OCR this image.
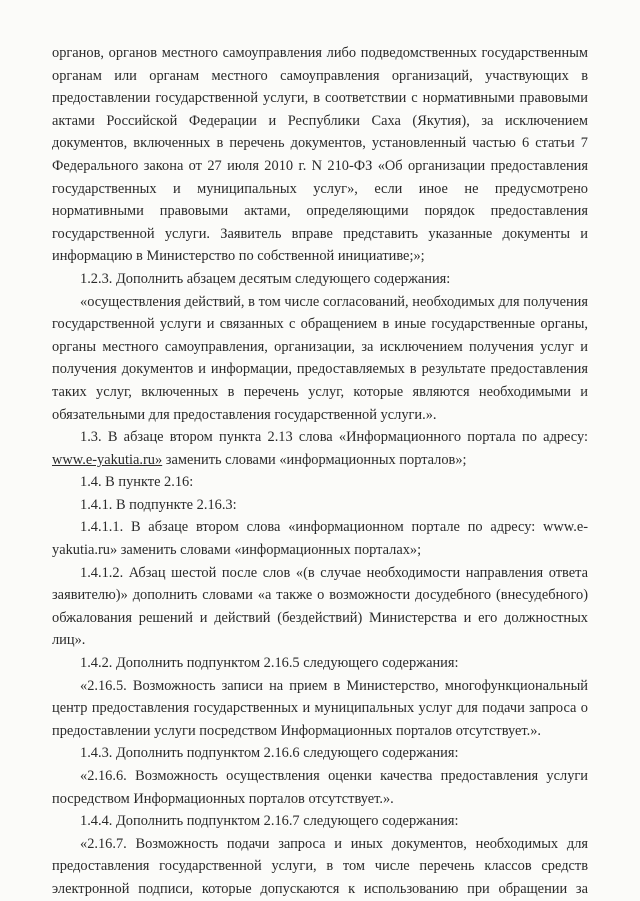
органов, органов местного самоуправления либо подведомственных государственным органам или органам местного самоуправления организаций, участвующих в предоставлении государственной услуги, в соответствии с нормативными правовыми актами Российской Федерации и Республики Саха (Якутия), за исключением документов, включенных в перечень документов, установленный частью 6 статьи 7 Федерального закона от 27 июля 2010 г. N 210-ФЗ «Об организации предоставления государственных и муниципальных услуг», если иное не предусмотрено нормативными правовыми актами, определяющими порядок предоставления государственной услуги. Заявитель вправе представить указанные документы и информацию в Министерство по собственной инициативе;»;

1.2.3. Дополнить абзацем десятым следующего содержания:

«осуществления действий, в том числе согласований, необходимых для получения государственной услуги и связанных с обращением в иные государственные органы, органы местного самоуправления, организации, за исключением получения услуг и получения документов и информации, предоставляемых в результате предоставления таких услуг, включенных в перечень услуг, которые являются необходимыми и обязательными для предоставления государственной услуги.».

1.3. В абзаце втором пункта 2.13 слова «Информационного портала по адресу: www.e-yakutia.ru» заменить словами «информационных порталов»;

1.4. В пункте 2.16:

1.4.1. В подпункте 2.16.3:

1.4.1.1. В абзаце втором слова «информационном портале по адресу: www.e-yakutia.ru» заменить словами «информационных порталах»;

1.4.1.2. Абзац шестой после слов «(в случае необходимости направления ответа заявителю)» дополнить словами «а также о возможности досудебного (внесудебного) обжалования решений и действий (бездействий) Министерства и его должностных лиц».

1.4.2. Дополнить подпунктом 2.16.5 следующего содержания:

«2.16.5. Возможность записи на прием в Министерство, многофункциональный центр предоставления государственных и муниципальных услуг для подачи запроса о предоставлении услуги посредством Информационных порталов отсутствует.».

1.4.3. Дополнить подпунктом 2.16.6 следующего содержания:

«2.16.6. Возможность осуществления оценки качества предоставления услуги посредством Информационных порталов отсутствует.».

1.4.4. Дополнить подпунктом 2.16.7 следующего содержания:

«2.16.7. Возможность подачи запроса и иных документов, необходимых для предоставления государственной услуги, в том числе перечень классов средств электронной подписи, которые допускаются к использованию при обращении за
